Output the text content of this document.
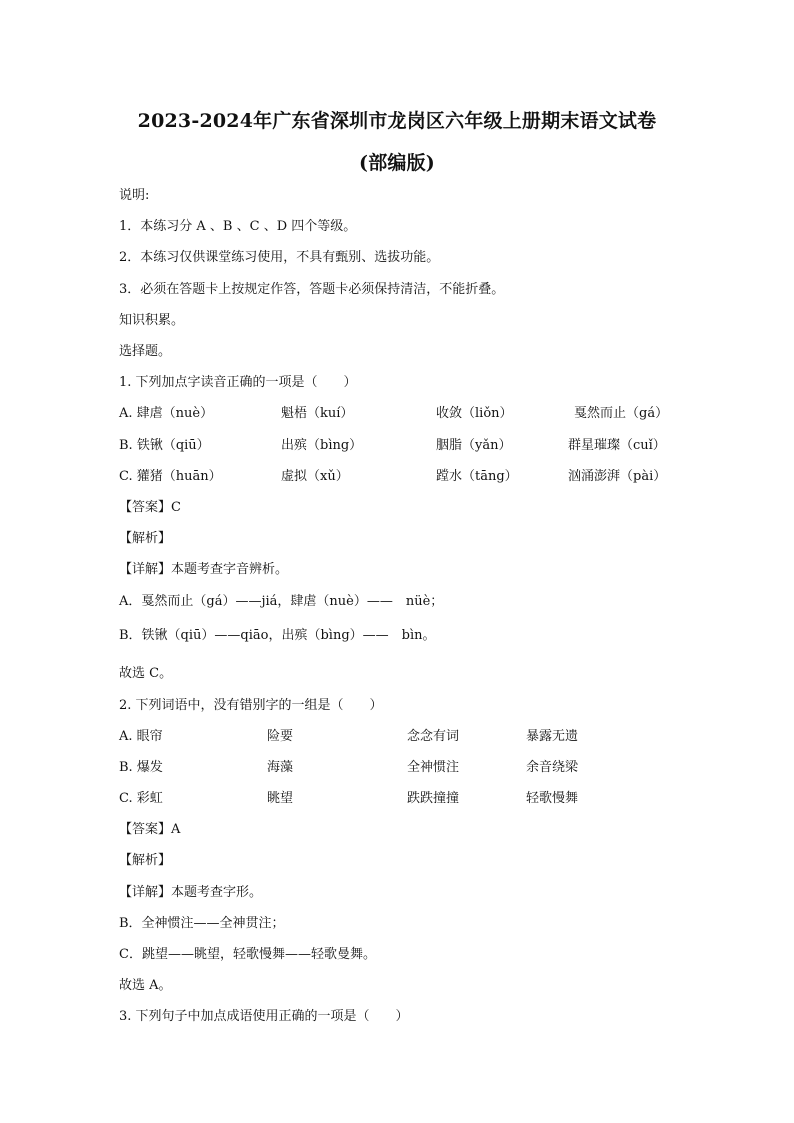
2023-2024年广东省深圳市龙岗区六年级上册期末语文试卷
(部编版)
说明:
1．本练习分 A 、B 、C 、D 四个等级。
2．本练习仅供课堂练习使用，不具有甄别、选拔功能。
3．必须在答题卡上按规定作答，答题卡必须保持清洁，不能折叠。
知识积累。
选择题。
1. 下列加点字读音正确的一项是（　　）
A. 肆虐（nuè）	魁梧（kuí）	收敛（liǒn）	戛然而止（gá）
B. 铁锹（qiū）	出殡（bìng）	胭脂（yǎn）	群星璀璨（cuǐ）
C. 獾猪（huān）	虚拟（xǔ）	蹚水（tāng）	汹涌澎湃（pài）
【答案】C
【解析】
【详解】本题考查字音辨析。
A．戛然而止（gá）——jiá，肆虐（nuè）——　nüè；
B．铁锹（qiū）——qiāo，出殡（bìng）——　bìn。
故选 C。
2. 下列词语中，没有错别字的一组是（　　）
A. 眼帘	险要	念念有词	暴露无遗
B. 爆发	海藻	全神惯注	余音绕梁
C. 彩虹	眺望	跌跌撞撞	轻歌慢舞
【答案】A
【解析】
【详解】本题考查字形。
B．全神惯注——全神贯注；
C．跳望——眺望，轻歌慢舞——轻歌曼舞。
故选 A。
3. 下列句子中加点成语使用正确的一项是（　　）
